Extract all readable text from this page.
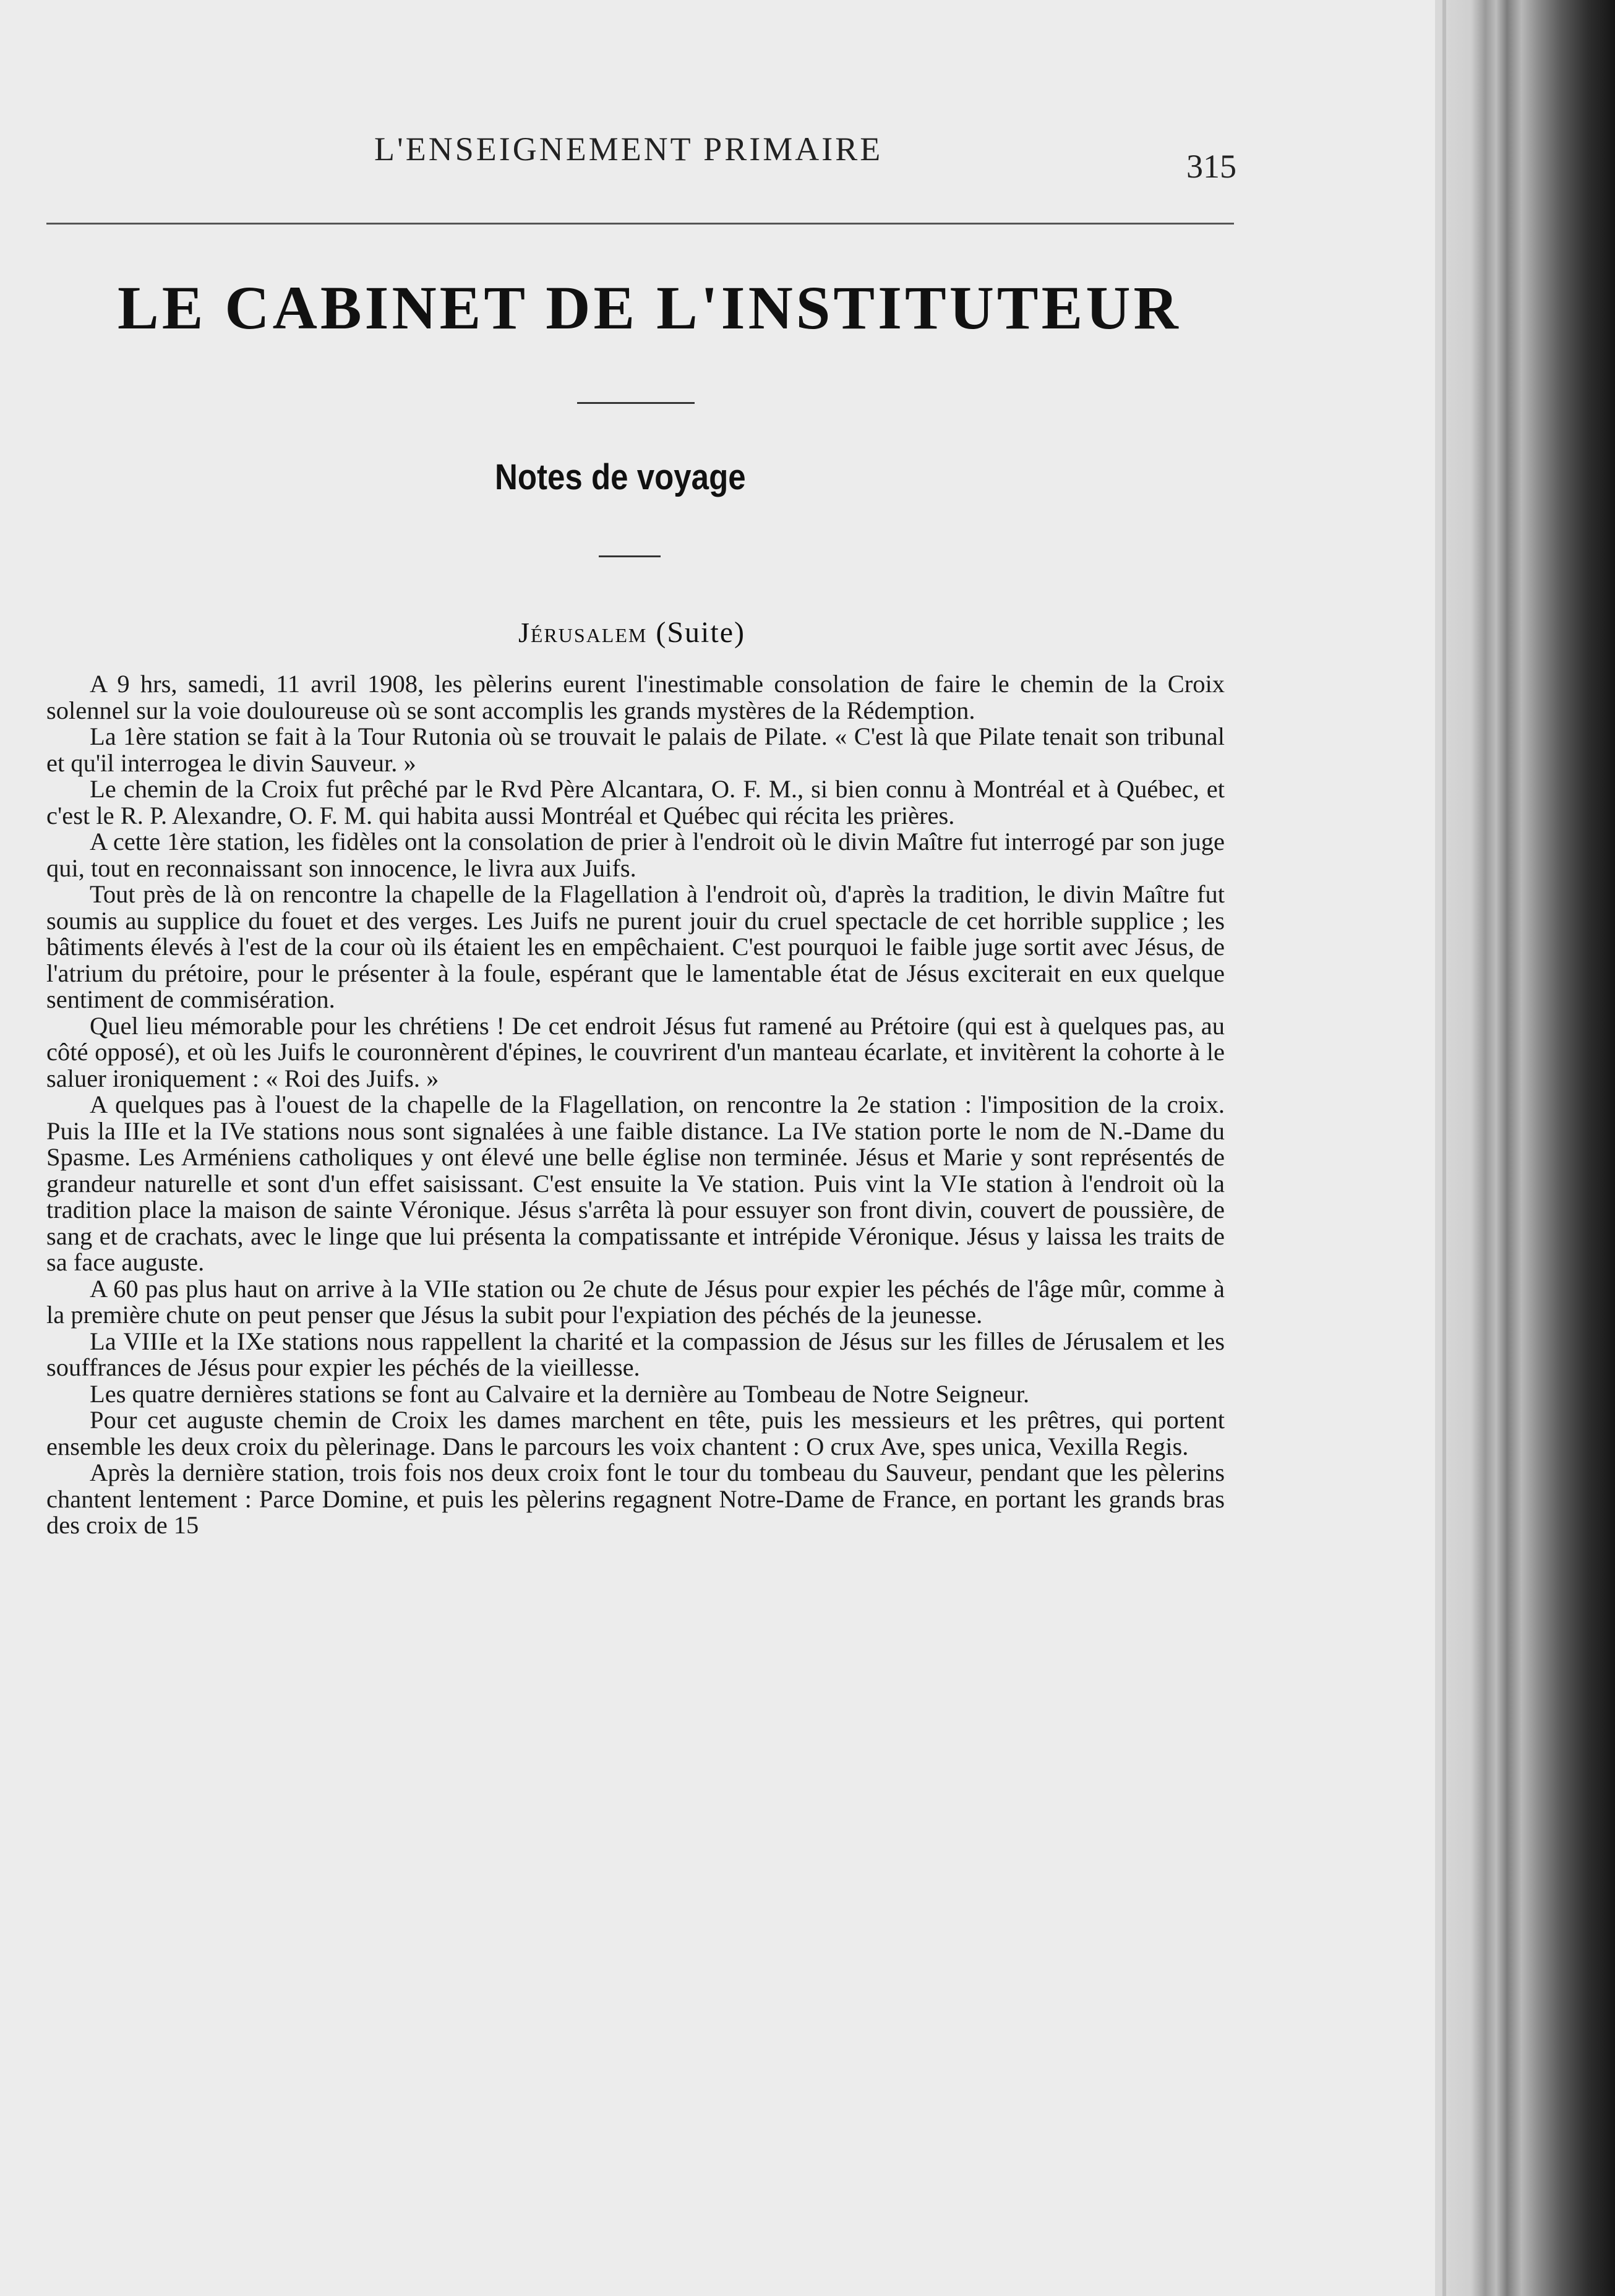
L'ENSEIGNEMENT PRIMAIRE	315
LE CABINET DE L'INSTITUTEUR
Notes de voyage
Jérusalem (Suite)

A 9 hrs, samedi, 11 avril 1908, les pèlerins eurent l'inestimable consolation de faire le chemin de la Croix solennel sur la voie douloureuse où se sont accomplis les grands mystères de la Rédemption.

La 1ère station se fait à la Tour Rutonia où se trouvait le palais de Pilate. « C'est là que Pilate tenait son tribunal et qu'il interrogea le divin Sauveur. »

Le chemin de la Croix fut prêché par le Rvd Père Alcantara, O. F. M., si bien connu à Montréal et à Québec, et c'est le R. P. Alexandre, O. F. M. qui habita aussi Montréal et Québec qui récita les prières.

A cette 1ère station, les fidèles ont la consolation de prier à l'endroit où le divin Maître fut interrogé par son juge qui, tout en reconnaissant son innocence, le livra aux Juifs.

Tout près de là on rencontre la chapelle de la Flagellation à l'endroit où, d'après la tradition, le divin Maître fut soumis au supplice du fouet et des verges. Les Juifs ne purent jouir du cruel spectacle de cet horrible supplice ; les bâtiments élevés à l'est de la cour où ils étaient les en empêchaient. C'est pourquoi le faible juge sortit avec Jésus, de l'atrium du prétoire, pour le présenter à la foule, espérant que le lamentable état de Jésus exciterait en eux quelque sentiment de commisération.

Quel lieu mémorable pour les chrétiens ! De cet endroit Jésus fut ramené au Prétoire (qui est à quelques pas, au côté opposé), et où les Juifs le couronnèrent d'épines, le couvrirent d'un manteau écarlate, et invitèrent la cohorte à le saluer ironiquement : « Roi des Juifs. »

A quelques pas à l'ouest de la chapelle de la Flagellation, on rencontre la 2e station : l'imposition de la croix. Puis la IIIe et la IVe stations nous sont signalées à une faible distance. La IVe station porte le nom de N.-Dame du Spasme. Les Arméniens catholiques y ont élevé une belle église non terminée. Jésus et Marie y sont représentés de grandeur naturelle et sont d'un effet saisissant. C'est ensuite la Ve station. Puis vint la VIe station à l'endroit où la tradition place la maison de sainte Véronique. Jésus s'arrêta là pour essuyer son front divin, couvert de poussière, de sang et de crachats, avec le linge que lui présenta la compatissante et intrépide Véronique. Jésus y laissa les traits de sa face auguste.

A 60 pas plus haut on arrive à la VIIe station ou 2e chute de Jésus pour expier les péchés de l'âge mûr, comme à la première chute on peut penser que Jésus la subit pour l'expiation des péchés de la jeunesse.

La VIIIe et la IXe stations nous rappellent la charité et la compassion de Jésus sur les filles de Jérusalem et les souffrances de Jésus pour expier les péchés de la vieillesse.

Les quatre dernières stations se font au Calvaire et la dernière au Tombeau de Notre Seigneur.

Pour cet auguste chemin de Croix les dames marchent en tête, puis les messieurs et les prêtres, qui portent ensemble les deux croix du pèlerinage. Dans le parcours les voix chantent : O crux Ave, spes unica, Vexilla Regis.

Après la dernière station, trois fois nos deux croix font le tour du tombeau du Sauveur, pendant que les pèlerins chantent lentement : Parce Domine, et puis les pèlerins regagnent Notre-Dame de France, en portant les grands bras des croix de 15
